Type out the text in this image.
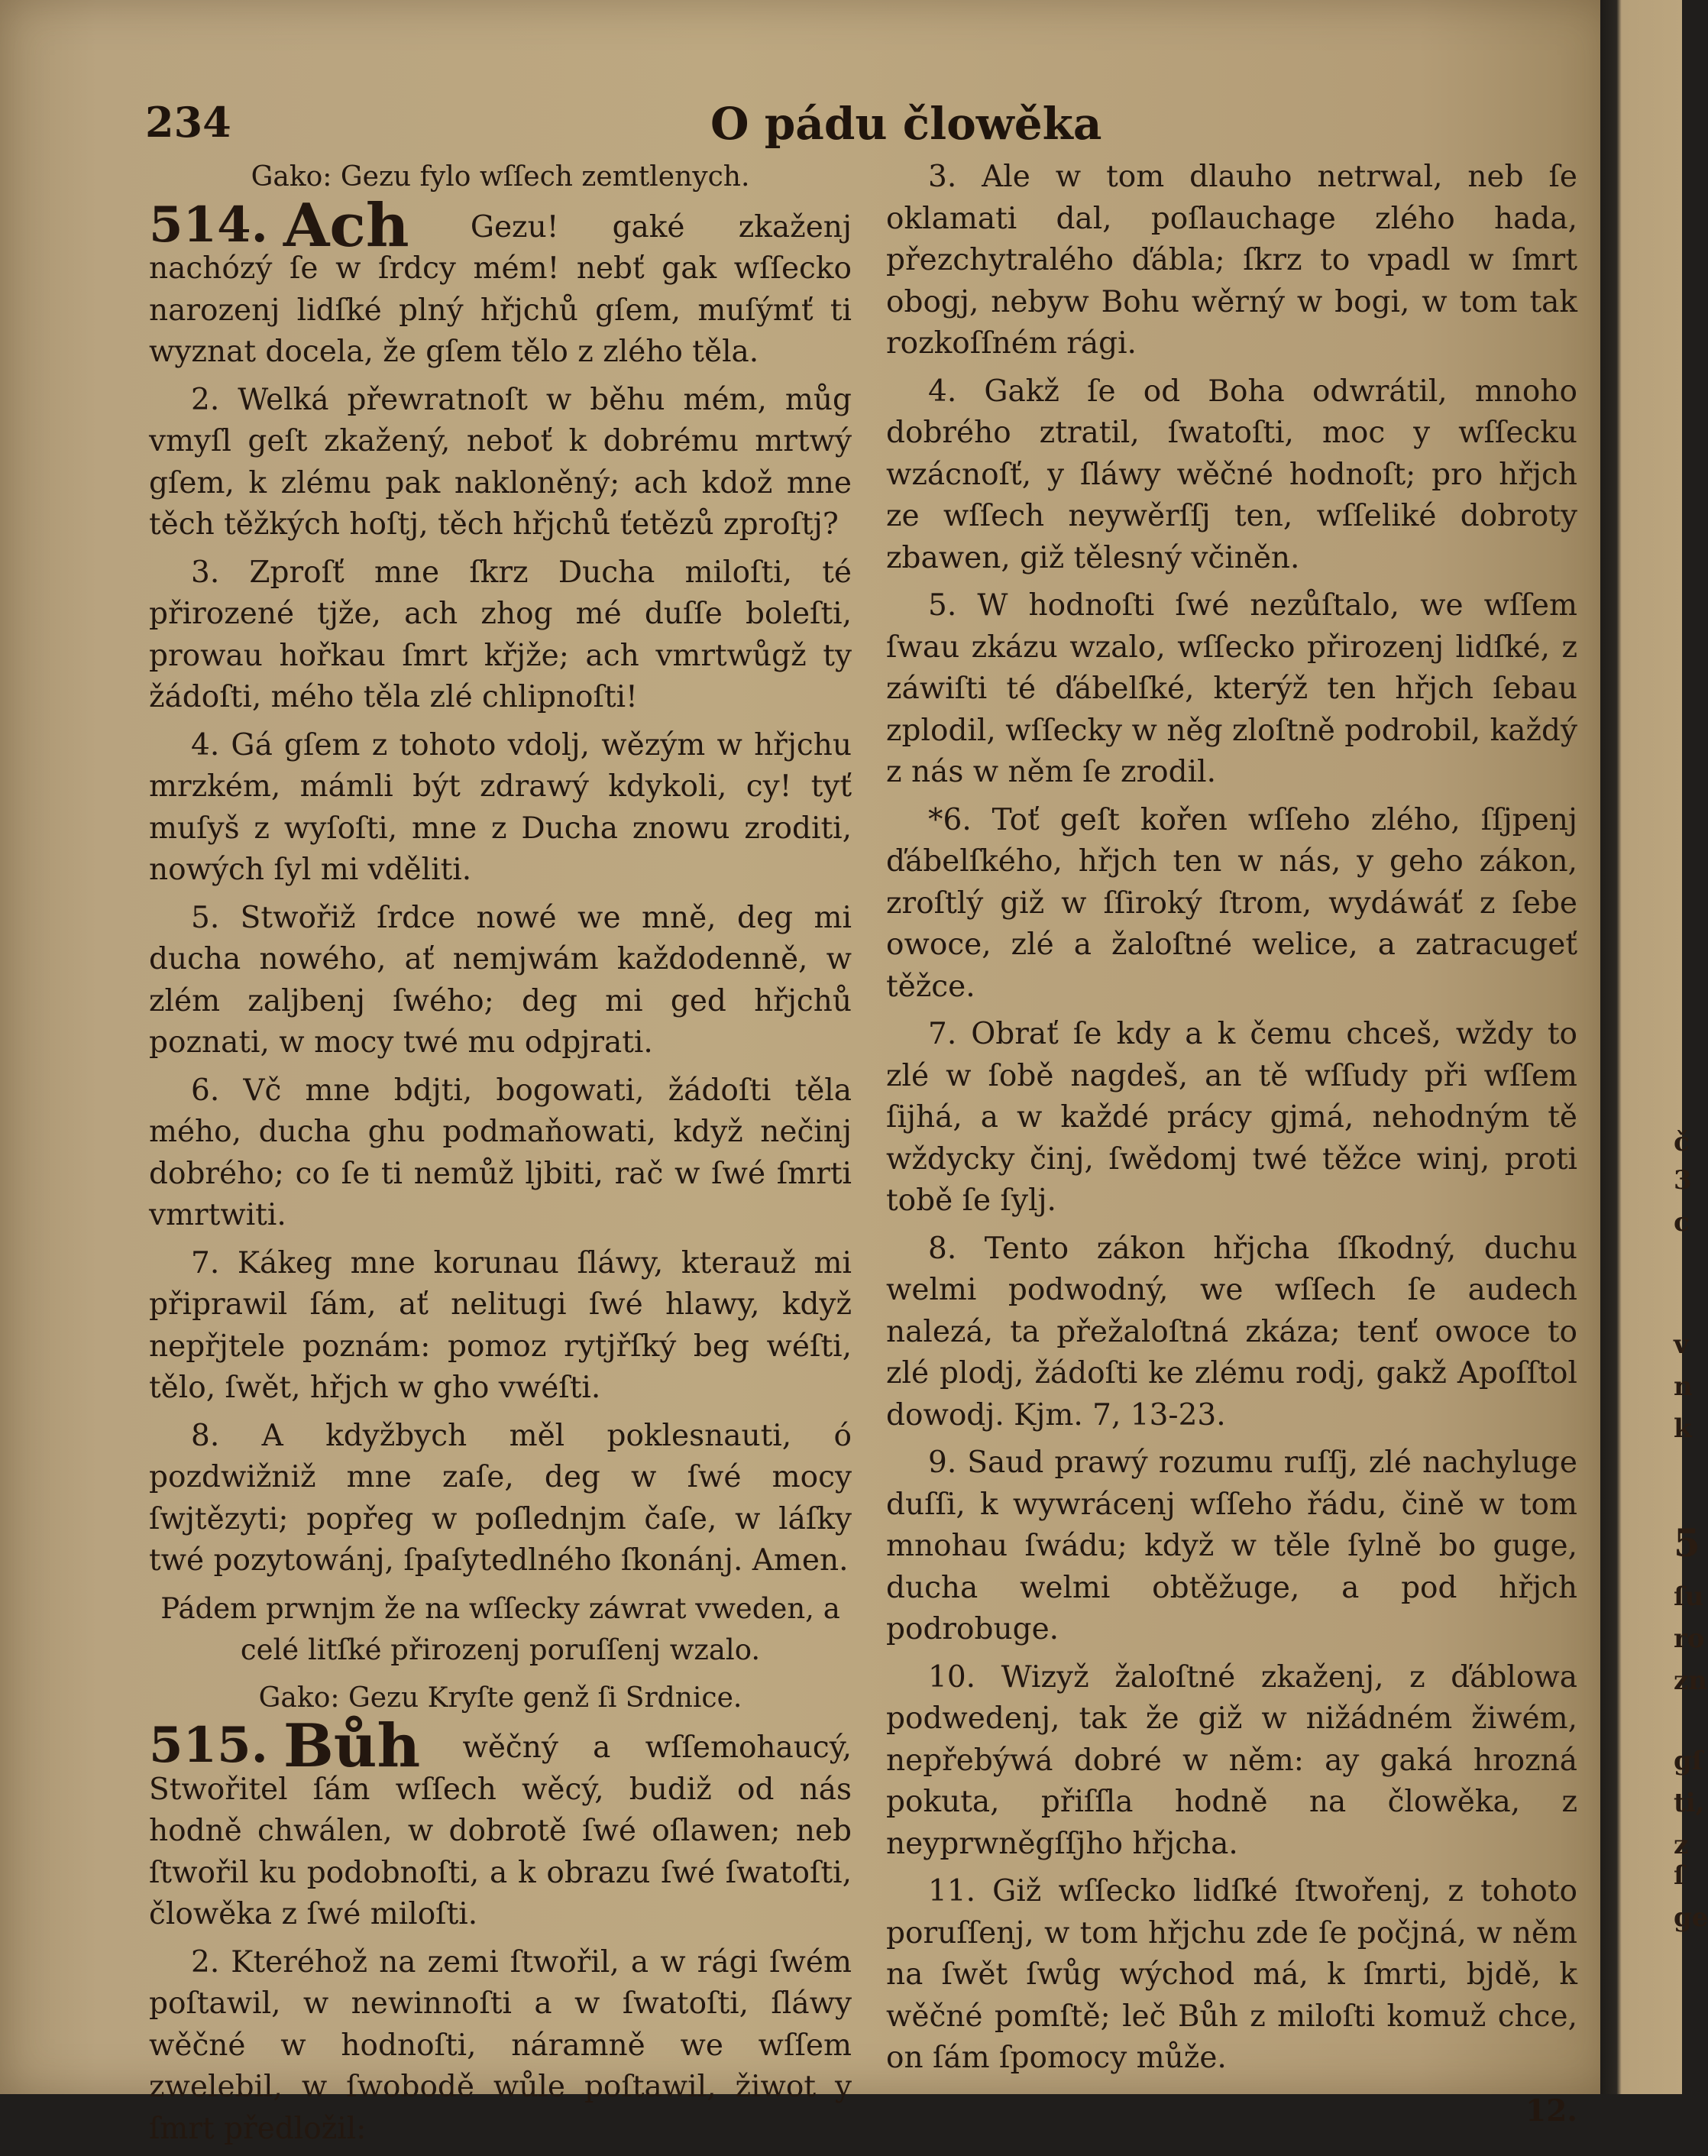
234	O pádu člowěka

Gako: Gezu fylo wſſech zemtlenych.

514. Ach Gezu! gaké zkaženj nachózý ſe w ſrdcy mém! nebť gak wſſecko narozenj lidſké plný hřjchů gſem, muſýmť ti wyznat docela, že gſem tělo z zlého těla.

2. Welká přewratnoſt w běhu mém, můg vmyſl geſt zkažený, neboť k dobrému mrtwý gſem, k zlému pak nakloněný; ach kdož mne těch těžkých hoſtj, těch hřjchů ťetězů zproſtj?

3. Zproſť mne ſkrz Ducha miloſti, té přirozené tjže, ach zhog mé duſſe boleſti, prowau hořkau ſmrt křjže; ach vmrtwůgž ty žádoſti, mého těla zlé chlipnoſti!

4. Gá gſem z tohoto vdolj, wězým w hřjchu mrzkém, mámli být zdrawý kdykoli, cy! tyť muſyš z wyſoſti, mne z Ducha znowu zroditi, nowých ſyl mi vděliti.

5. Stwořiž ſrdce nowé we mně, deg mi ducha nowého, ať nemjwám každodenně, w zlém zaljbenj ſwého; deg mi ged hřjchů poznati, w mocy twé mu odpjrati.

6. Vč mne bdjti, bogowati, žádoſti těla mého, ducha ghu podmaňowati, když nečinj dobrého; co ſe ti nemůž ljbiti, rač w ſwé ſmrti vmrtwiti.

7. Kákeg mne korunau ſláwy, kterauž mi připrawil ſám, ať nelitugi ſwé hlawy, když nepřjtele poznám: pomoz rytjřſký beg wéſti, tělo, ſwět, hřjch w gho vwéſti.

8. A kdyžbych měl poklesnauti, ó pozdwižniž mne zaſe, deg w ſwé mocy ſwjtězyti; popřeg w poſlednjm čaſe, w láſky twé pozytowánj, ſpaſytedlného ſkonánj. Amen.

Pádem prwnjm že na wſſecky záwrat vweden, a celé litſké přirozenj poruſſenj wzalo.

Gako: Gezu Kryſte genž ſi Srdnice.

515. Bůh wěčný a wſſemohaucý, Stwořitel ſám wſſech wěcý, budiž od nás hodně chwálen, w dobrotě ſwé oſlawen; neb ſtwořil ku podobnoſti, a k obrazu ſwé ſwatoſti, člowěka z ſwé miloſti.

2. Kteréhož na zemi ſtwořil, a w rági ſwém poſtawil, w newinnoſti a w ſwatoſti, ſláwy wěčné w hodnoſti, náramně we wſſem zwelebil, w ſwobodě wůle poſtawil, žiwot y ſmrt předložil:

3. Ale w tom dlauho netrwal, neb ſe oklamati dal, poſlauchage zlého hada, přezchytralého ďábla; ſkrz to vpadl w ſmrt obogj, nebyw Bohu wěrný w bogi, w tom tak rozkoſſném rági.

4. Gakž ſe od Boha odwrátil, mnoho dobrého ztratil, ſwatoſti, moc y wſſecku wzácnoſť, y ſláwy wěčné hodnoſt; pro hřjch ze wſſech neywěrſſj ten, wſſeliké dobroty zbawen, giž tělesný včiněn.

5. W hodnoſti ſwé nezůſtalo, we wſſem ſwau zkázu wzalo, wſſecko přirozenj lidſké, z záwiſti té ďábelſké, kterýž ten hřjch ſebau zplodil, wſſecky w něg zloſtně podrobil, každý z nás w něm ſe zrodil.

*6. Toť geſt kořen wſſeho zlého, ſſjpenj ďábelſkého, hřjch ten w nás, y geho zákon, zroſtlý giž w ſſiroký ſtrom, wydáwáť z ſebe owoce, zlé a žaloſtné welice, a zatracugeť těžce.

7. Obrať ſe kdy a k čemu chceš, wždy to zlé w ſobě nagdeš, an tě wſſudy při wſſem ſijhá, a w každé prácy gjmá, nehodným tě wždycky činj, ſwědomj twé těžce winj, proti tobě ſe ſylj.

8. Tento zákon hřjcha ſſkodný, duchu welmi podwodný, we wſſech ſe audech nalezá, ta přežaloſtná zkáza; tenť owoce to zlé plodj, žádoſti ke zlému rodj, gakž Apoſſtol dowodj. Kjm. 7, 13-23.

9. Saud prawý rozumu ruſſj, zlé nachyluge duſſi, k wywrácenj wſſeho řádu, čině w tom mnohau ſwádu; když w těle ſylně bo guge, ducha welmi obtěžuge, a pod hřjch podrobuge.

10. Wizyž žaloſtné zkaženj, z ďáblowa podwedenj, tak že giž w nižádném žiwém, nepřebýwá dobré w něm: ay gaká hrozná pokuta, přiſſla hodně na člowěka, z neyprwněgſſjho hřjcha.

11. Giž wſſecko lidſké ſtwořenj, z tohoto poruſſenj, w tom hřjchu zde ſe počjná, w něm na ſwět ſwůg wýchod má, k ſmrti, bjdě, k wěčné pomſtě; leč Bůh z miloſti komuž chce, on ſám ſpomocy může.

12.

č
3
c
v
n
k
5
ſu
ro
zn
gſ
ti,
z ſ
ge
